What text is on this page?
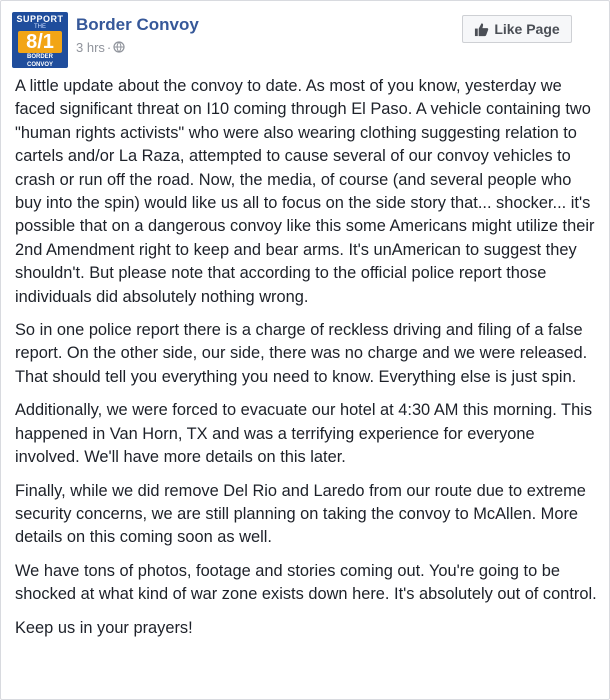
SUPPORT
THE
8/1
BORDER
CONVOY
Border Convoy
3 hrs ·
Like Page

A little update about the convoy to date. As most of you know, yesterday we faced significant threat on I10 coming through El Paso. A vehicle containing two "human rights activists" who were also wearing clothing suggesting relation to cartels and/or La Raza, attempted to cause several of our convoy vehicles to crash or run off the road. Now, the media, of course (and several people who buy into the spin) would like us all to focus on the side story that... shocker... it's possible that on a dangerous convoy like this some Americans might utilize their 2nd Amendment right to keep and bear arms. It's unAmerican to suggest they shouldn't. But please note that according to the official police report those individuals did absolutely nothing wrong.

So in one police report there is a charge of reckless driving and filing of a false report. On the other side, our side, there was no charge and we were released. That should tell you everything you need to know. Everything else is just spin.

Additionally, we were forced to evacuate our hotel at 4:30 AM this morning. This happened in Van Horn, TX and was a terrifying experience for everyone involved. We'll have more details on this later.

Finally, while we did remove Del Rio and Laredo from our route due to extreme security concerns, we are still planning on taking the convoy to McAllen. More details on this coming soon as well.

We have tons of photos, footage and stories coming out. You're going to be shocked at what kind of war zone exists down here. It's absolutely out of control.

Keep us in your prayers!
